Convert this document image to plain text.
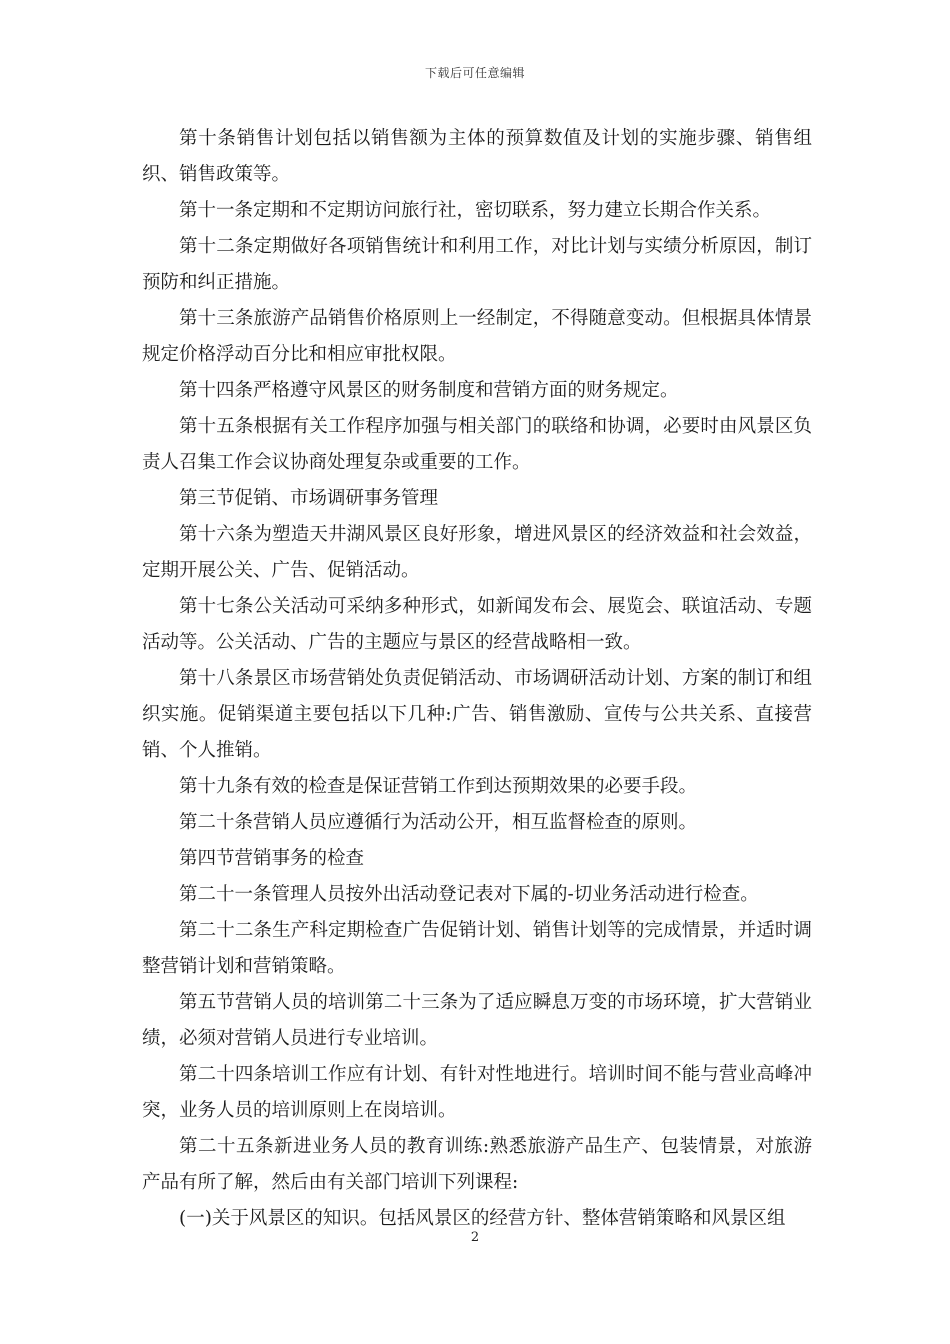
下载后可任意编辑

第十条销售计划包括以销售额为主体的预算数值及计划的实施步骤、销售组织、销售政策等。

第十一条定期和不定期访问旅行社，密切联系，努力建立长期合作关系。

第十二条定期做好各项销售统计和利用工作，对比计划与实绩分析原因，制订预防和纠正措施。

第十三条旅游产品销售价格原则上一经制定，不得随意变动。但根据具体情景规定价格浮动百分比和相应审批权限。

第十四条严格遵守风景区的财务制度和营销方面的财务规定。

第十五条根据有关工作程序加强与相关部门的联络和协调，必要时由风景区负责人召集工作会议协商处理复杂或重要的工作。

第三节促销、市场调研事务管理

第十六条为塑造天井湖风景区良好形象，增进风景区的经济效益和社会效益，定期开展公关、广告、促销活动。

第十七条公关活动可采纳多种形式，如新闻发布会、展览会、联谊活动、专题活动等。公关活动、广告的主题应与景区的经营战略相一致。

第十八条景区市场营销处负责促销活动、市场调研活动计划、方案的制订和组织实施。促销渠道主要包括以下几种:广告、销售激励、宣传与公共关系、直接营销、个人推销。

第十九条有效的检查是保证营销工作到达预期效果的必要手段。

第二十条营销人员应遵循行为活动公开，相互监督检查的原则。

第四节营销事务的检查

第二十一条管理人员按外出活动登记表对下属的-切业务活动进行检查。

第二十二条生产科定期检查广告促销计划、销售计划等的完成情景，并适时调整营销计划和营销策略。

第五节营销人员的培训第二十三条为了适应瞬息万变的市场环境，扩大营销业绩，必须对营销人员进行专业培训。

第二十四条培训工作应有计划、有针对性地进行。培训时间不能与营业高峰冲突，业务人员的培训原则上在岗培训。

第二十五条新进业务人员的教育训练:熟悉旅游产品生产、包装情景，对旅游产品有所了解，然后由有关部门培训下列课程:

(一)关于风景区的知识。包括风景区的经营方针、整体营销策略和风景区组

2
